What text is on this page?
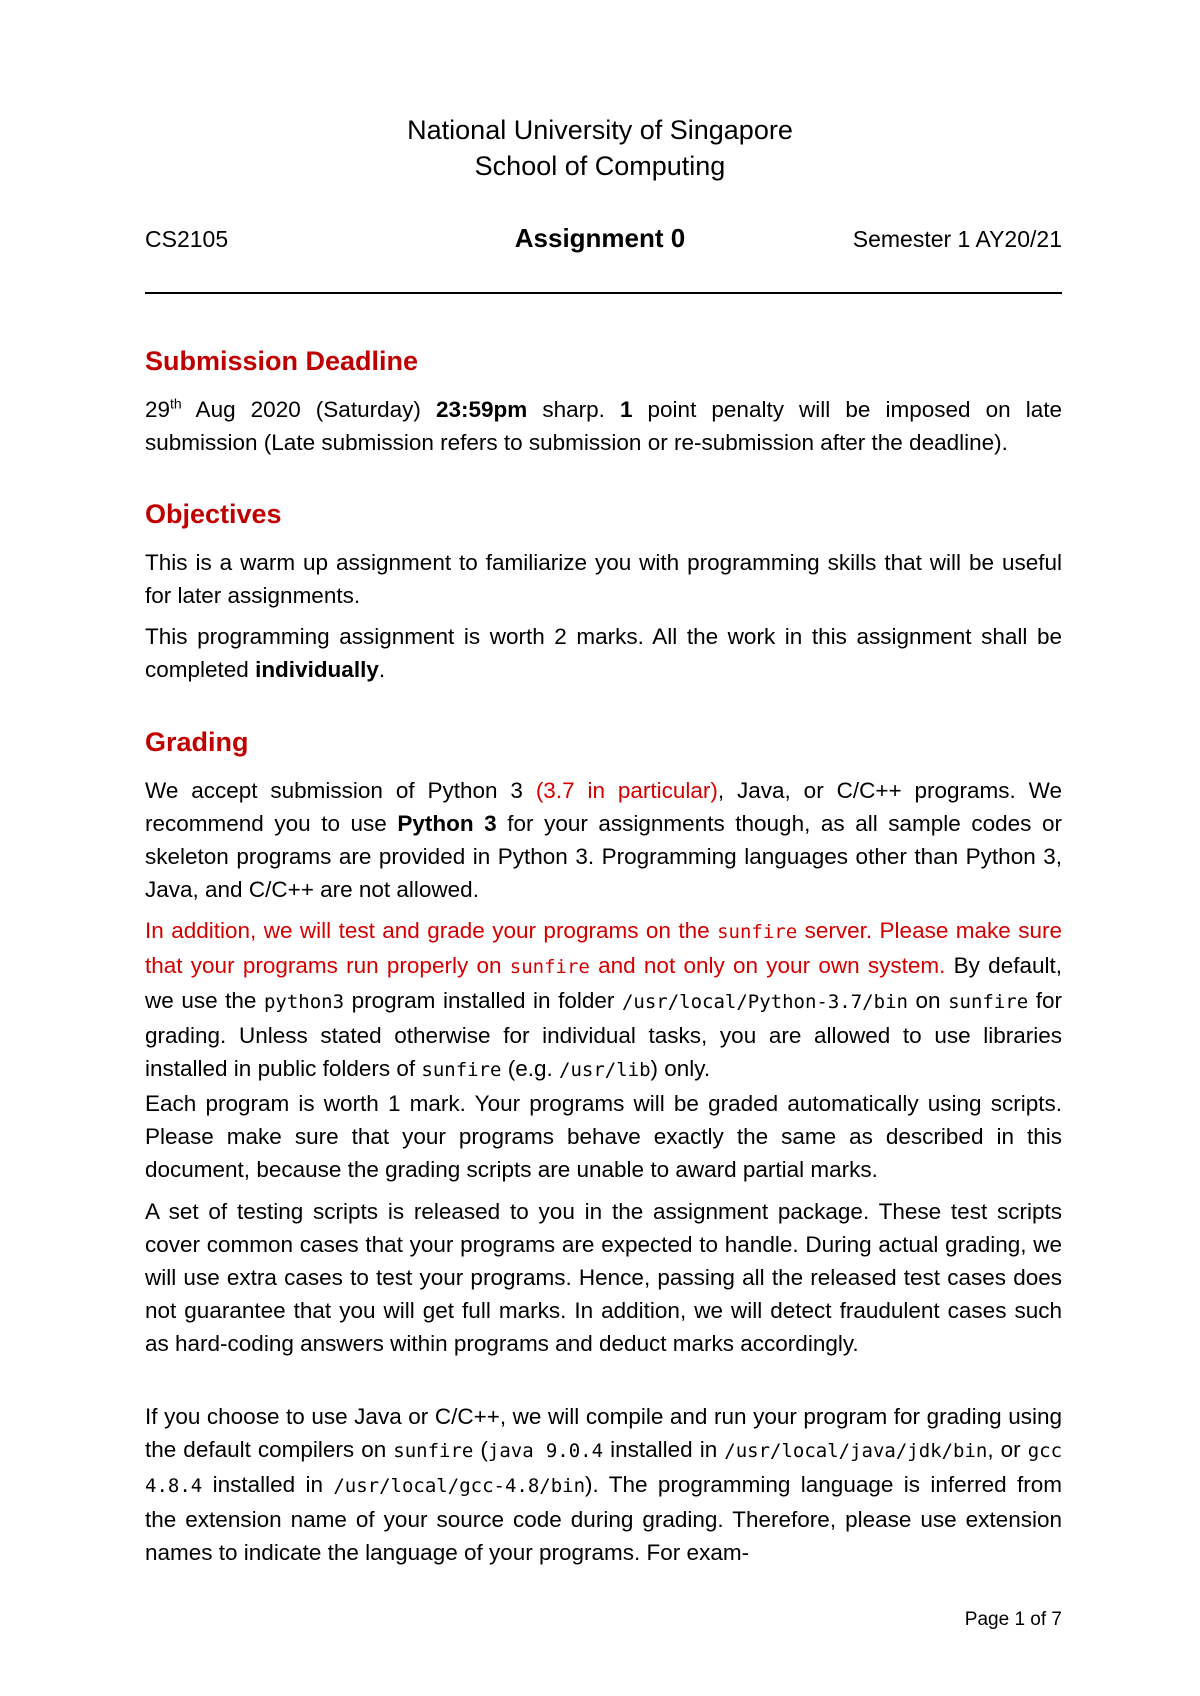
National University of Singapore
School of Computing
CS2105	Assignment 0	Semester 1 AY20/21
Submission Deadline
29th Aug 2020 (Saturday) 23:59pm sharp. 1 point penalty will be imposed on late submission (Late submission refers to submission or re-submission after the deadline).
Objectives
This is a warm up assignment to familiarize you with programming skills that will be useful for later assignments.
This programming assignment is worth 2 marks. All the work in this assignment shall be completed individually.
Grading
We accept submission of Python 3 (3.7 in particular), Java, or C/C++ programs. We recommend you to use Python 3 for your assignments though, as all sample codes or skeleton programs are provided in Python 3. Programming languages other than Python 3, Java, and C/C++ are not allowed.
In addition, we will test and grade your programs on the sunfire server. Please make sure that your programs run properly on sunfire and not only on your own system. By default, we use the python3 program installed in folder /usr/local/Python-3.7/bin on sunfire for grading. Unless stated otherwise for individual tasks, you are allowed to use libraries installed in public folders of sunfire (e.g. /usr/lib) only.
Each program is worth 1 mark. Your programs will be graded automatically using scripts. Please make sure that your programs behave exactly the same as described in this document, because the grading scripts are unable to award partial marks.
A set of testing scripts is released to you in the assignment package. These test scripts cover common cases that your programs are expected to handle. During actual grading, we will use extra cases to test your programs. Hence, passing all the released test cases does not guarantee that you will get full marks. In addition, we will detect fraudulent cases such as hard-coding answers within programs and deduct marks accordingly.
If you choose to use Java or C/C++, we will compile and run your program for grading using the default compilers on sunfire (java 9.0.4 installed in /usr/local/java/jdk/bin, or gcc 4.8.4 installed in /usr/local/gcc-4.8/bin). The programming language is inferred from the extension name of your source code during grading. Therefore, please use extension names to indicate the language of your programs. For exam-
Page 1 of 7
